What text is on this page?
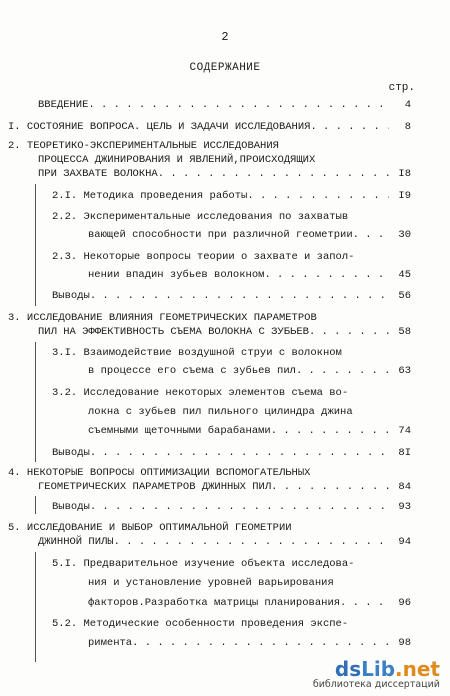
2
СОДЕРЖАНИЕ
стр.
ВВЕДЕНИЕ . . .	4
I. СОСТОЯНИЕ ВОПРОСА. ЦЕЛЬ И ЗАДАЧИ ИССЛЕДОВАНИЯ . . .	8
2. ТЕОРЕТИКО-ЭКСПЕРИМЕНТАЛЬНЫЕ ИССЛЕДОВАНИЯ
ПРОЦЕССА ДЖИНИРОВАНИЯ И ЯВЛЕНИЙ,ПРОИСХОДЯЩИХ
ПРИ ЗАХВАТЕ ВОЛОКНА . . .	I8
2.I. Методика проведения работы . . .	I9
2.2. Экспериментальные исследования по захватыв
вающей способности при различной геометрии . . .	30
2.3. Некоторые вопросы теории о захвате и запол-
нении впадин зубьев волокном . . .	45
Выводы . . .	56
3. ИССЛЕДОВАНИЕ ВЛИЯНИЯ ГЕОМЕТРИЧЕСКИХ ПАРАМЕТРОВ
ПИЛ НА ЭФФЕКТИВНОСТЬ СЪЕМА ВОЛОКНА С ЗУБЬЕВ . . .	58
3.I. Взаимодействие воздушной струи с волокном
в процессе его съема с зубьев пил . . .	63
3.2. Исследование некоторых элементов съема во-
локна с зубьев пил пильного цилиндра джина
съемными щеточными барабанами . . .	74
Выводы . . .	8I
4. НЕКОТОРЫЕ ВОПРОСЫ ОПТИМИЗАЦИИ ВСПОМОГАТЕЛЬНЫХ
ГЕОМЕТРИЧЕСКИХ ПАРАМЕТРОВ ДЖИННЫХ ПИЛ . . .	84
Выводы . . .	93
5. ИССЛЕДОВАНИЕ И ВЫБОР ОПТИМАЛЬНОЙ ГЕОМЕТРИИ
ДЖИННОЙ ПИЛЫ . . .	94
5.I. Предварительное изучение объекта исследова-
ния и установление уровней варьирования
факторов.Разработка матрицы планирования . . .	96
5.2. Методические особенности проведения экспе-
римента . . .	98
dsLib.net
библиотека диссертаций
